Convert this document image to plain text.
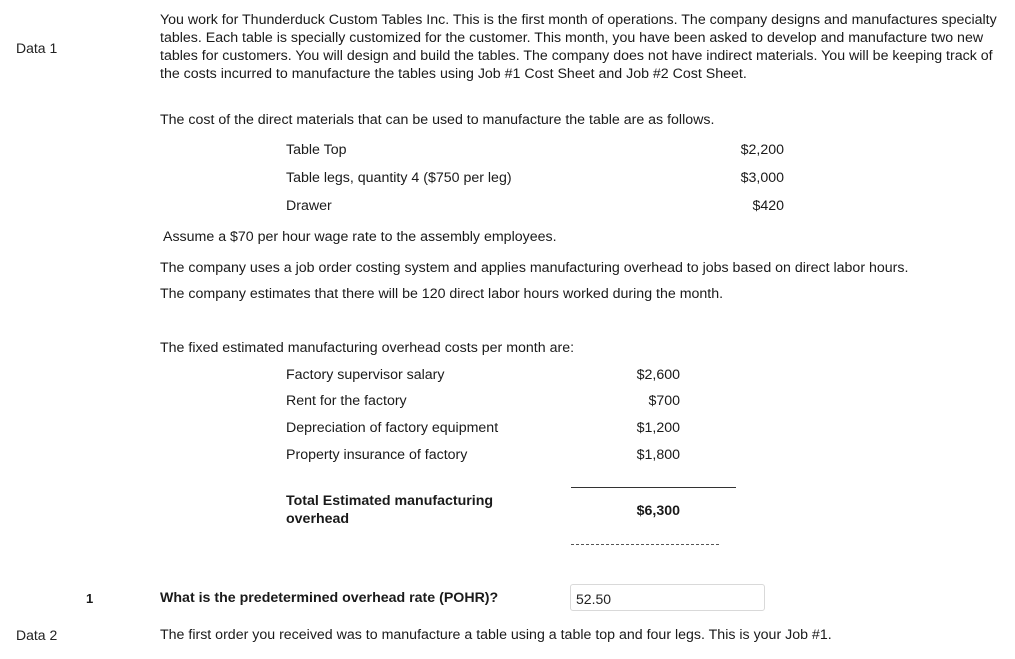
Data 1
1
Data 2
You work for Thunderduck Custom Tables Inc. This is the first month of operations. The company designs and manufactures specialty tables. Each table is specially customized for the customer. This month, you have been asked to develop and manufacture two new tables for customers. You will design and build the tables. The company does not have indirect materials. You will be keeping track of the costs incurred to manufacture the tables using Job #1 Cost Sheet and Job #2 Cost Sheet.
The cost of the direct materials that can be used to manufacture the table are as follows.
Table Top	$2,200
Table legs, quantity 4 ($750 per leg)	$3,000
Drawer	$420
Assume a $70 per hour wage rate to the assembly employees.
The company uses a job order costing system and applies manufacturing overhead to jobs based on direct labor hours.
The company estimates that there will be 120 direct labor hours worked during the month.
The fixed estimated manufacturing overhead costs per month are:
Factory supervisor salary	$2,600
Rent for the factory	$700
Depreciation of factory equipment	$1,200
Property insurance of factory	$1,800
Total Estimated manufacturing overhead	$6,300
What is the predetermined overhead rate (POHR)?	52.50
The first order you received was to manufacture a table using a table top and four legs. This is your Job #1.
